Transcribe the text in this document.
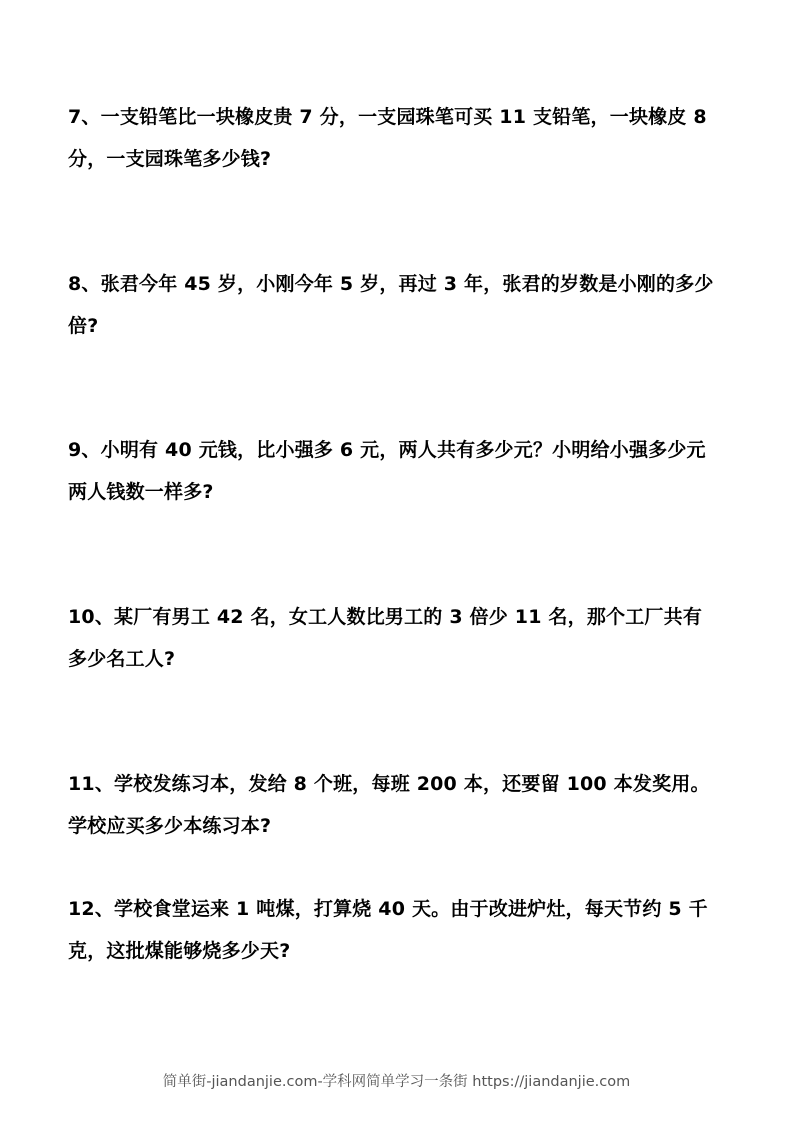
7、一支铅笔比一块橡皮贵 7 分，一支园珠笔可买 11 支铅笔，一块橡皮 8 分，一支园珠笔多少钱?
8、张君今年 45 岁，小刚今年 5 岁，再过 3 年，张君的岁数是小刚的多少倍?
9、小明有 40 元钱，比小强多 6 元，两人共有多少元？小明给小强多少元两人钱数一样多?
10、某厂有男工 42 名，女工人数比男工的 3 倍少 11 名，那个工厂共有多少名工人?
11、学校发练习本，发给 8 个班，每班 200 本，还要留 100 本发奖用。学校应买多少本练习本?
12、学校食堂运来 1 吨煤，打算烧 40 天。由于改进炉灶，每天节约 5 千克，这批煤能够烧多少天?
简单街-jiandanjie.com-学科网简单学习一条街 https://jiandanjie.com
